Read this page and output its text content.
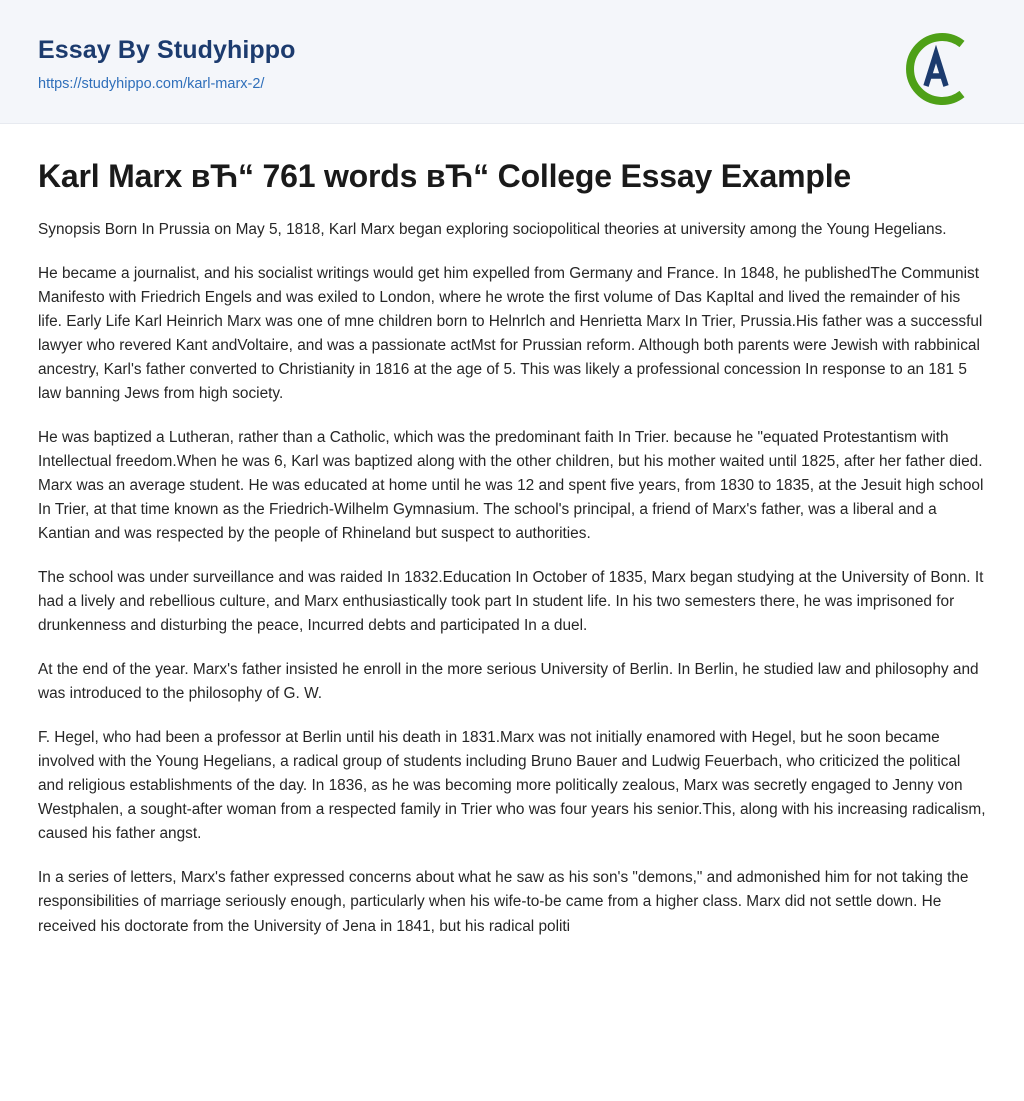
Essay By Studyhippo
https://studyhippo.com/karl-marx-2/
Karl Marx вЋ“ 761 words вЋ“ College Essay Example

Synopsis Born In Prussia on May 5, 1818, Karl Marx began exploring sociopolitical theories at university among the Young Hegelians.

He became a journalist, and his socialist writings would get him expelled from Germany and France. In 1848, he publishedThe Communist Manifesto with Friedrich Engels and was exiled to London, where he wrote the first volume of Das KapItal and lived the remainder of his life. Early Life Karl Heinrich Marx was one of mne children born to Helnrlch and Henrietta Marx In Trier, Prussia.His father was a successful lawyer who revered Kant andVoltaire, and was a passionate actMst for Prussian reform. Although both parents were Jewish with rabbinical ancestry, Karl's father converted to Christianity in 1816 at the age of 5. This was likely a professional concession In response to an 181 5 law banning Jews from high society.

He was baptized a Lutheran, rather than a Catholic, which was the predominant faith In Trier. because he "equated Protestantism with Intellectual freedom.When he was 6, Karl was baptized along with the other children, but his mother waited until 1825, after her father died. Marx was an average student. He was educated at home until he was 12 and spent five years, from 1830 to 1835, at the Jesuit high school In Trier, at that time known as the Friedrich-Wilhelm Gymnasium. The school's principal, a friend of Marx's father, was a liberal and a Kantian and was respected by the people of Rhineland but suspect to authorities.

The school was under surveillance and was raided In 1832.Education In October of 1835, Marx began studying at the University of Bonn. It had a lively and rebellious culture, and Marx enthusiastically took part In student life. In his two semesters there, he was imprisoned for drunkenness and disturbing the peace, Incurred debts and participated In a duel.

At the end of the year. Marx's father insisted he enroll in the more serious University of Berlin. In Berlin, he studied law and philosophy and was introduced to the philosophy of G. W.

F. Hegel, who had been a professor at Berlin until his death in 1831.Marx was not initially enamored with Hegel, but he soon became involved with the Young Hegelians, a radical group of students including Bruno Bauer and Ludwig Feuerbach, who criticized the political and religious establishments of the day. In 1836, as he was becoming more politically zealous, Marx was secretly engaged to Jenny von Westphalen, a sought-after woman from a respected family in Trier who was four years his senior.This, along with his increasing radicalism, caused his father angst.

In a series of letters, Marx's father expressed concerns about what he saw as his son's "demons," and admonished him for not taking the responsibilities of marriage seriously enough, particularly when his wife-to-be came from a higher class. Marx did not settle down. He received his doctorate from the University of Jena in 1841, but his radical politi
